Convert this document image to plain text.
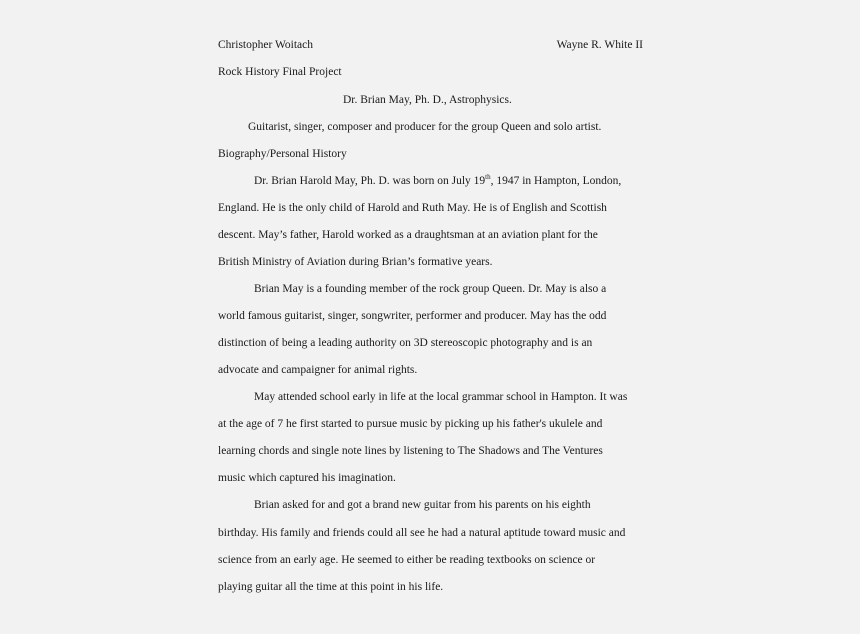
Christopher Woitach	Wayne R. White II
Rock History Final Project
Dr. Brian May, Ph. D., Astrophysics.
Guitarist, singer, composer and producer for the group Queen and solo artist.
Biography/Personal History
Dr. Brian Harold May, Ph. D. was born on July 19th, 1947 in Hampton, London,
England. He is the only child of Harold and Ruth May. He is of English and Scottish
descent. May’s father, Harold worked as a draughtsman at an aviation plant for the
British Ministry of Aviation during Brian’s formative years.
Brian May is a founding member of the rock group Queen. Dr. May is also a
world famous guitarist, singer, songwriter, performer and producer. May has the odd
distinction of being a leading authority on 3D stereoscopic photography and is an
advocate and campaigner for animal rights.
May attended school early in life at the local grammar school in Hampton. It was
at the age of 7 he first started to pursue music by picking up his father's ukulele and
learning chords and single note lines by listening to The Shadows and The Ventures
music which captured his imagination.
Brian asked for and got a brand new guitar from his parents on his eighth
birthday. His family and friends could all see he had a natural aptitude toward music and
science from an early age. He seemed to either be reading textbooks on science or
playing guitar all the time at this point in his life.
